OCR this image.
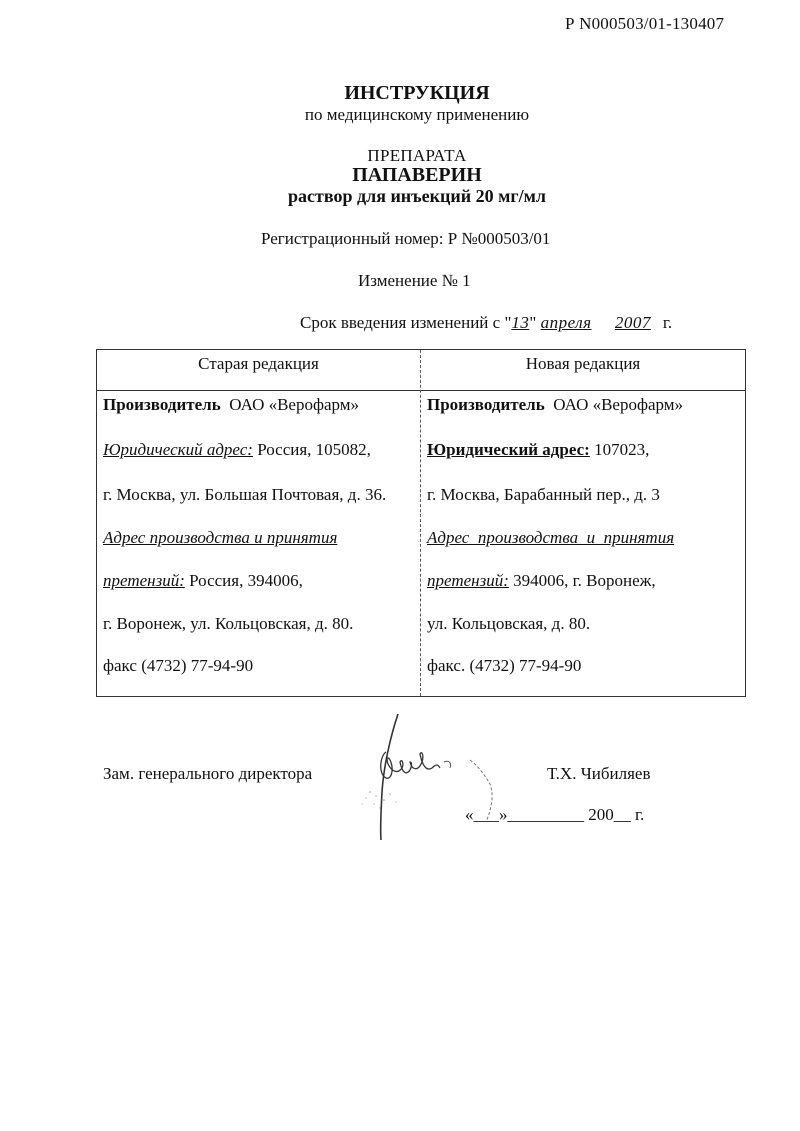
Р N000503/01-130407
ИНСТРУКЦИЯ
по медицинскому применению
ПРЕПАРАТА
ПАПАВЕРИН
раствор для инъекций 20 мг/мл
Регистрационный номер: Р №000503/01
Изменение № 1
Срок введения изменений с "13" апреля 2007 г.
Старая редакция
Производитель ОАО «Верофарм»
Юридический адрес: Россия, 105082,
г. Москва, ул. Большая Почтовая, д. 36.
Адрес производства и принятия
претензий: Россия, 394006,
г. Воронеж, ул. Кольцовская, д. 80.
факс (4732) 77-94-90
Новая редакция
Производитель ОАО «Верофарм»
Юридический адрес: 107023,
г. Москва, Барабанный пер., д. 3
Адрес  производства  и  принятия
претензий: 394006, г. Воронеж,
ул. Кольцовская, д. 80.
факс. (4732) 77-94-90
Зам. генерального директора	Т.Х. Чибиляев
«___»_________ 200__ г.
